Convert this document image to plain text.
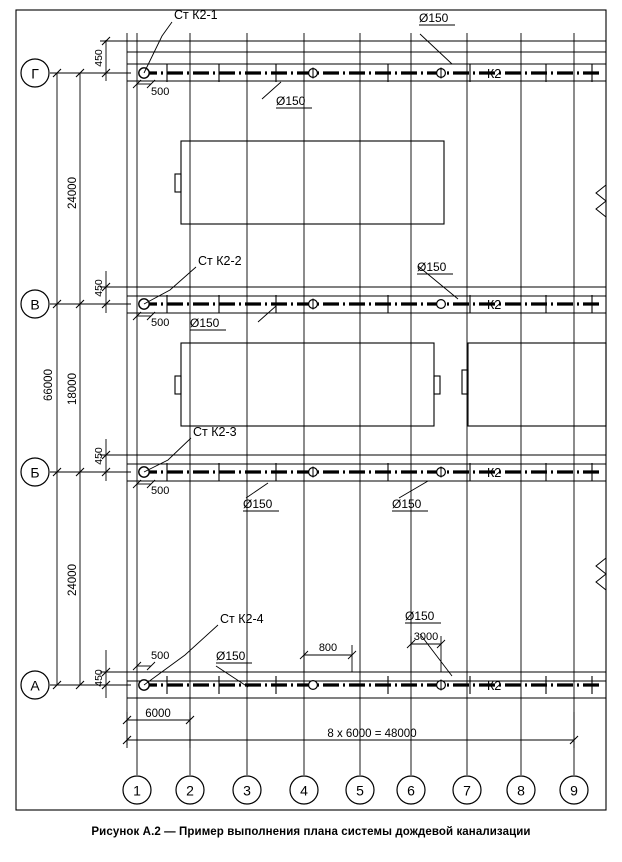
Г
В
Б
А
1	2	3	4	5	6	7	8	9
66000
24000
18000
24000
450
450
450
450
6000
8 х 6000 = 48000
Ст К2-1
Ст К2-2
Ст К2-3
Ст К2-4
500
500
500
500
К2
К2
К2
К2
Ø150
Ø150
Ø150
Ø150
Ø150	Ø150
Ø150
Ø150
800
3000
Рисунок А.2 — Пример выполнения плана системы дождевой канализации
